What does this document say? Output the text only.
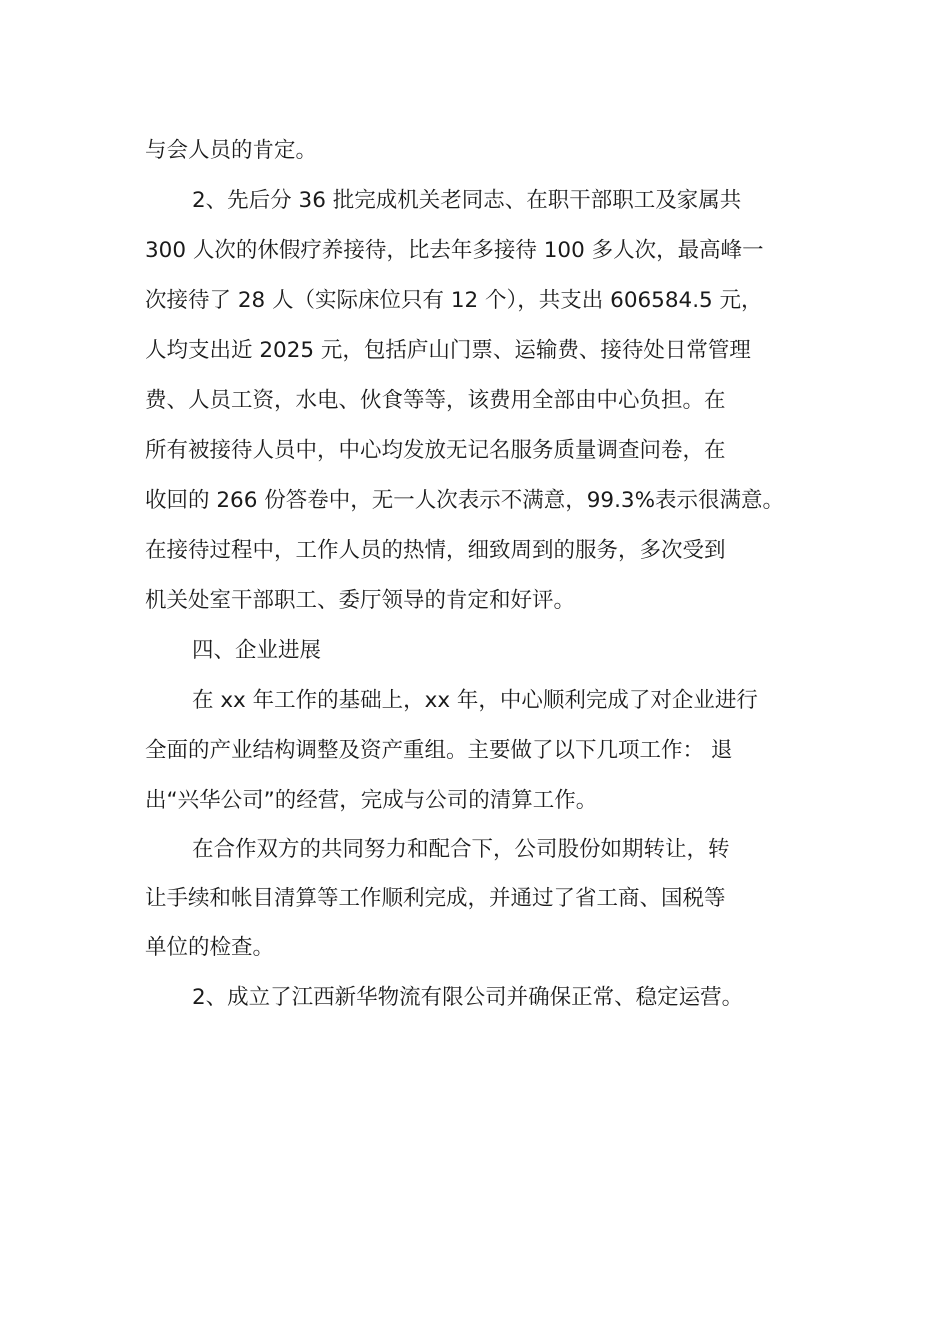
与会人员的肯定。
2、先后分 36 批完成机关老同志、在职干部职工及家属共
300 人次的休假疗养接待，比去年多接待 100 多人次，最高峰一
次接待了 28 人（实际床位只有 12 个），共支出 606584.5 元，
人均支出近 2025 元，包括庐山门票、运输费、接待处日常管理
费、人员工资，水电、伙食等等，该费用全部由中心负担。在
所有被接待人员中，中心均发放无记名服务质量调查问卷，在
收回的 266 份答卷中，无一人次表示不满意，99.3%表示很满意。
在接待过程中，工作人员的热情，细致周到的服务，多次受到
机关处室干部职工、委厅领导的肯定和好评。
四、企业进展
在 xx 年工作的基础上，xx 年，中心顺利完成了对企业进行
全面的产业结构调整及资产重组。主要做了以下几项工作： 退
出“兴华公司”的经营，完成与公司的清算工作。
在合作双方的共同努力和配合下，公司股份如期转让，转
让手续和帐目清算等工作顺利完成，并通过了省工商、国税等
单位的检查。
2、成立了江西新华物流有限公司并确保正常、稳定运营。
